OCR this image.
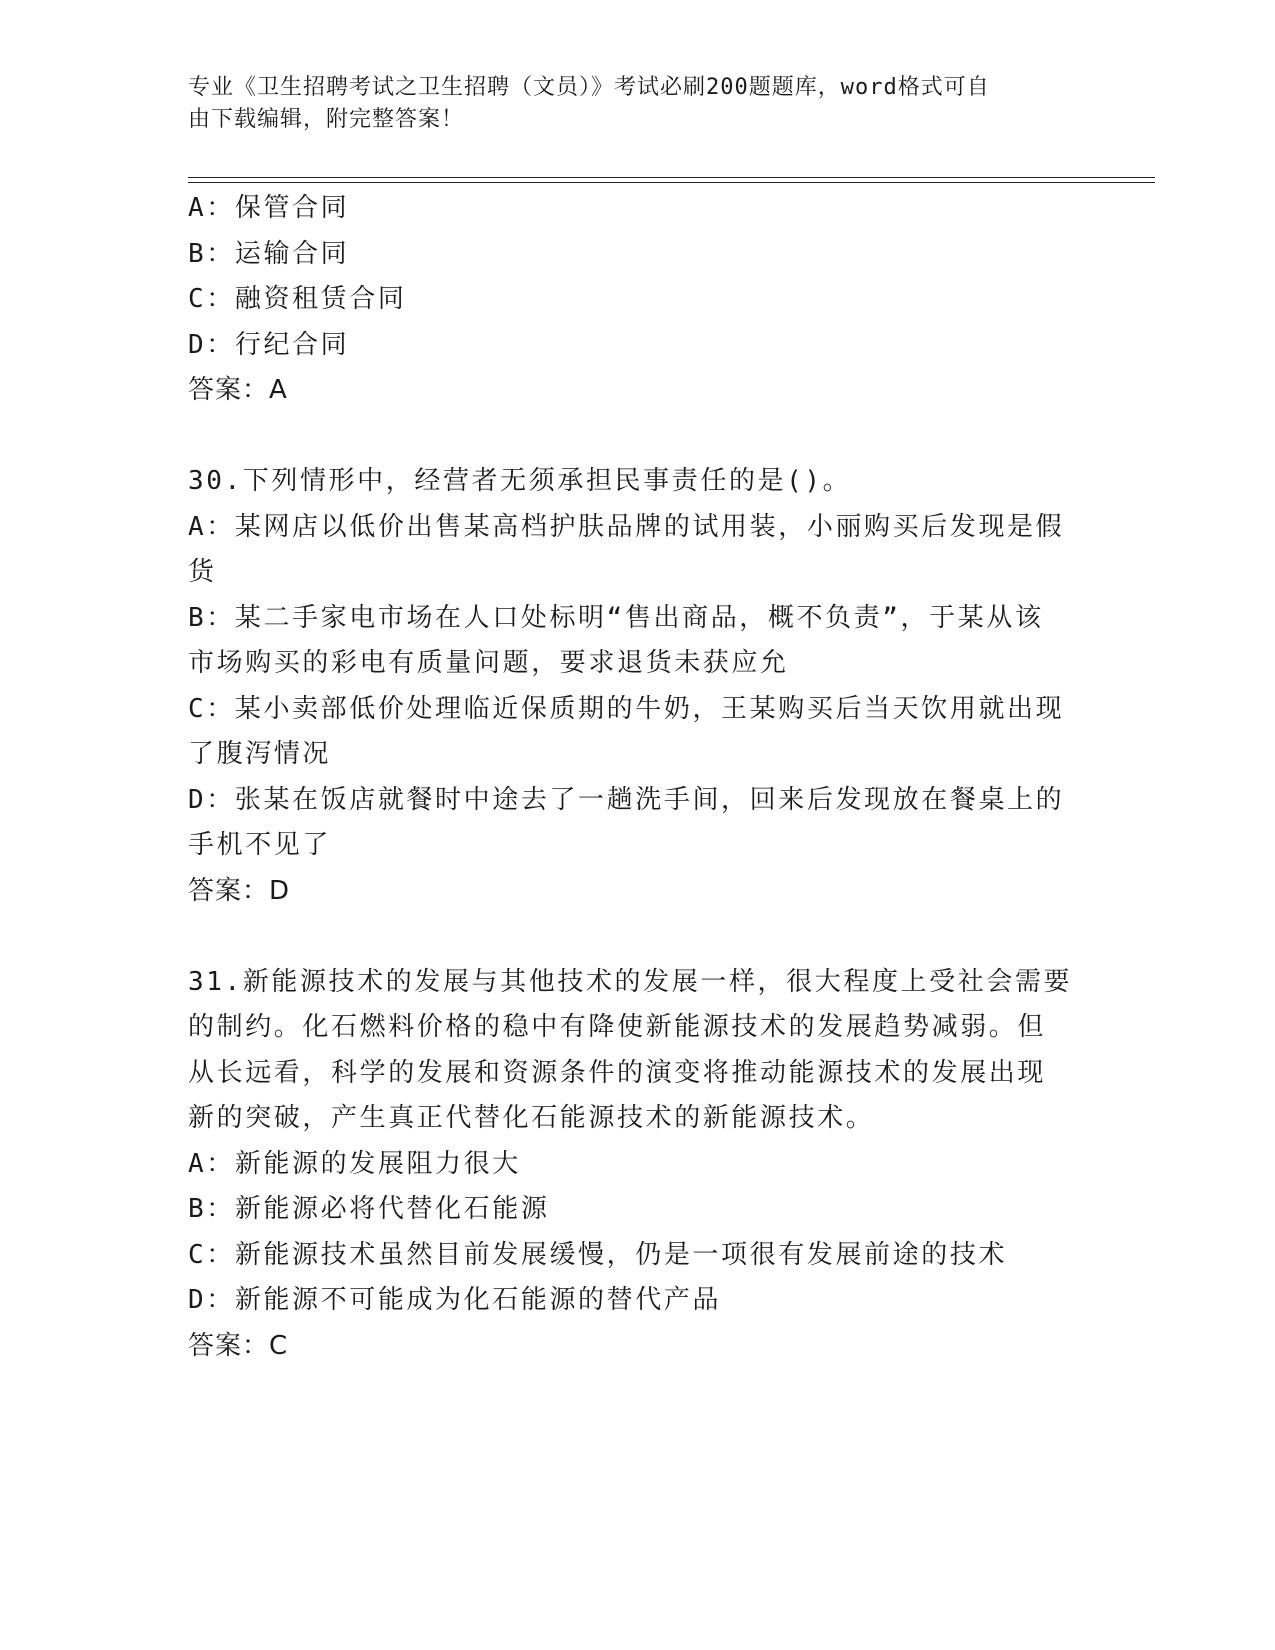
专业《卫生招聘考试之卫生招聘（文员）》考试必刷200题题库，word格式可自
由下载编辑，附完整答案！
A：保管合同
B：运输合同
C：融资租赁合同
D：行纪合同
答案：A
30.下列情形中，经营者无须承担民事责任的是()。
A：某网店以低价出售某高档护肤品牌的试用装，小丽购买后发现是假
货
B：某二手家电市场在人口处标明“售出商品，概不负责”，于某从该
市场购买的彩电有质量问题，要求退货未获应允
C：某小卖部低价处理临近保质期的牛奶，王某购买后当天饮用就出现
了腹泻情况
D：张某在饭店就餐时中途去了一趟洗手间，回来后发现放在餐桌上的
手机不见了
答案：D
31.新能源技术的发展与其他技术的发展一样，很大程度上受社会需要
的制约。化石燃料价格的稳中有降使新能源技术的发展趋势减弱。但
从长远看，科学的发展和资源条件的演变将推动能源技术的发展出现
新的突破，产生真正代替化石能源技术的新能源技术。
A：新能源的发展阻力很大
B：新能源必将代替化石能源
C：新能源技术虽然目前发展缓慢，仍是一项很有发展前途的技术
D：新能源不可能成为化石能源的替代产品
答案：C
